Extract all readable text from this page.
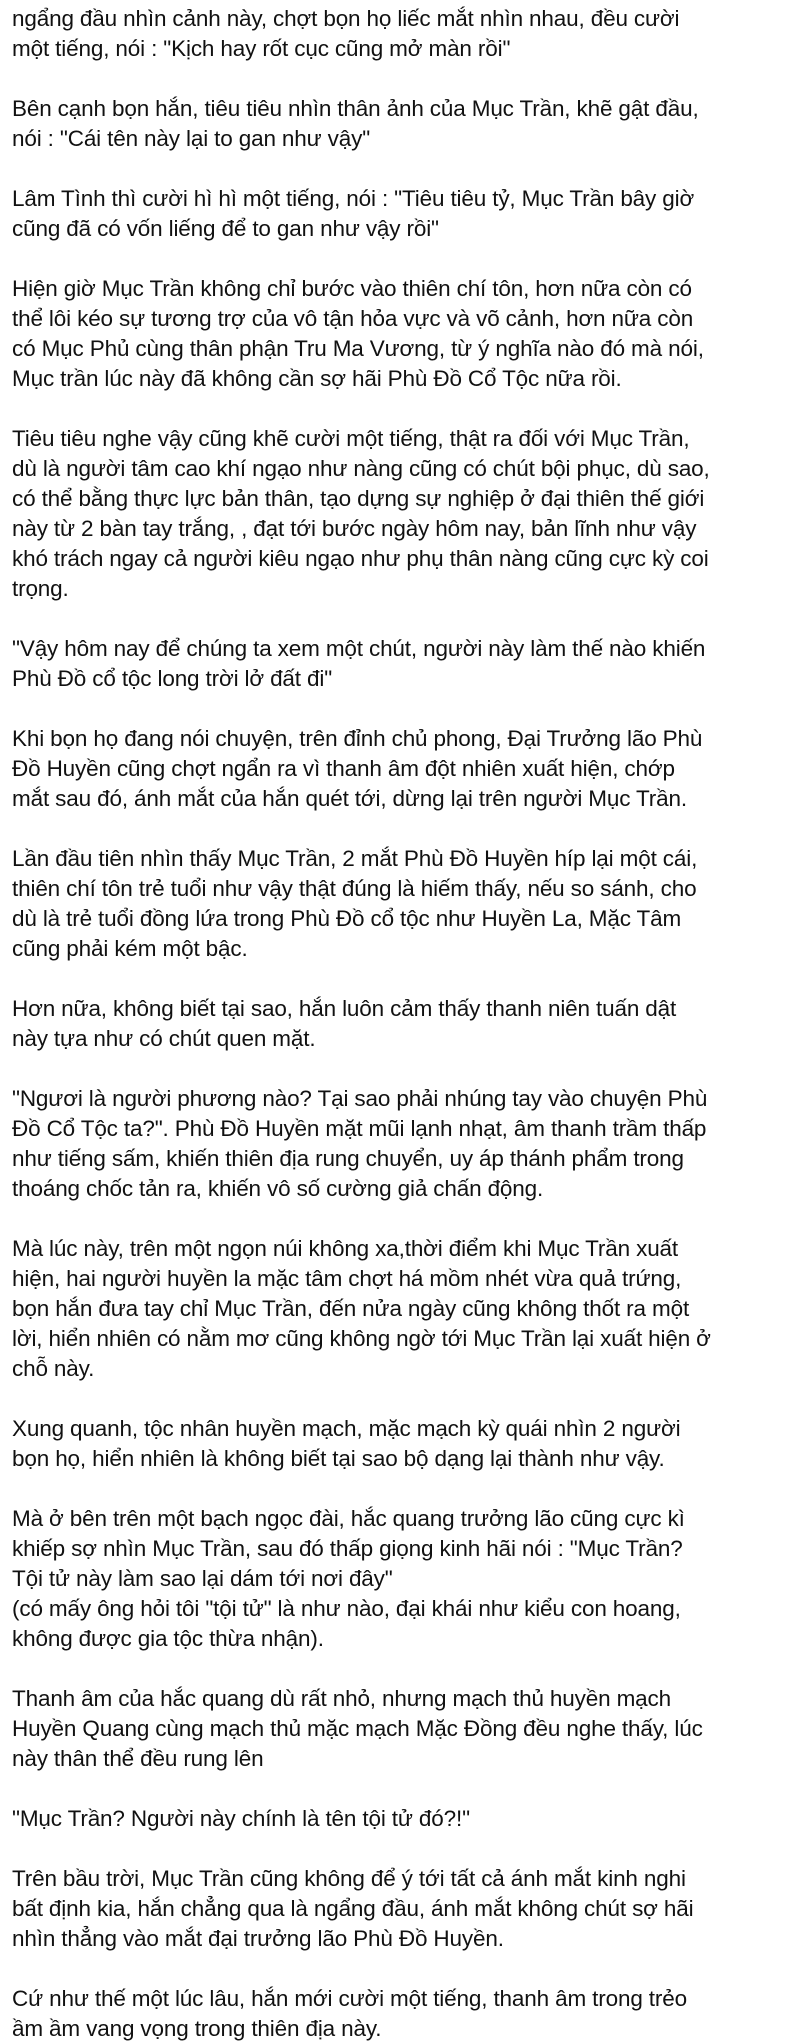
ngẩng đầu nhìn cảnh này, chợt bọn họ liếc mắt nhìn nhau, đều cười
một tiếng, nói : "Kịch hay rốt cục cũng mở màn rồi"

Bên cạnh bọn hắn, tiêu tiêu nhìn thân ảnh của Mục Trần, khẽ gật đầu,
nói : "Cái tên này lại to gan như vậy"

Lâm Tình thì cười hì hì một tiếng, nói : "Tiêu tiêu tỷ, Mục Trần bây giờ
cũng đã có vốn liếng để to gan như vậy rồi"

Hiện giờ Mục Trần không chỉ bước vào thiên chí tôn, hơn nữa còn có
thể lôi kéo sự tương trợ của vô tận hỏa vực và võ cảnh, hơn nữa còn
có Mục Phủ cùng thân phận Tru Ma Vương, từ ý nghĩa nào đó mà nói,
Mục trần lúc này đã không cần sợ hãi Phù Đồ Cổ Tộc nữa rồi.

Tiêu tiêu nghe vậy cũng khẽ cười một tiếng, thật ra đối với Mục Trần,
dù là người tâm cao khí ngạo như nàng cũng có chút bội phục, dù sao,
có thể bằng thực lực bản thân, tạo dựng sự nghiệp ở đại thiên thế giới
này từ 2 bàn tay trắng, , đạt tới bước ngày hôm nay, bản lĩnh như vậy
khó trách ngay cả người kiêu ngạo như phụ thân nàng cũng cực kỳ coi
trọng.

"Vậy hôm nay để chúng ta xem một chút, người này làm thế nào khiến
Phù Đồ cổ tộc long trời lở đất đi"

Khi bọn họ đang nói chuyện, trên đỉnh chủ phong, Đại Trưởng lão Phù
Đồ Huyền cũng chợt ngẩn ra vì thanh âm đột nhiên xuất hiện, chớp
mắt sau đó, ánh mắt của hắn quét tới, dừng lại trên người Mục Trần.

Lần đầu tiên nhìn thấy Mục Trần, 2 mắt Phù Đồ Huyền híp lại một cái,
thiên chí tôn trẻ tuổi như vậy thật đúng là hiếm thấy, nếu so sánh, cho
dù là trẻ tuổi đồng lứa trong Phù Đồ cổ tộc như Huyền La, Mặc Tâm
cũng phải kém một bậc.

Hơn nữa, không biết tại sao, hắn luôn cảm thấy thanh niên tuấn dật
này tựa như có chút quen mặt.

"Ngươi là người phương nào? Tại sao phải nhúng tay vào chuyện Phù
Đồ Cổ Tộc ta?". Phù Đồ Huyền mặt mũi lạnh nhạt, âm thanh trầm thấp
như tiếng sấm, khiến thiên địa rung chuyển, uy áp thánh phẩm trong
thoáng chốc tản ra, khiến vô số cường giả chấn động.

Mà lúc này, trên một ngọn núi không xa,thời điểm khi Mục Trần xuất
hiện, hai người huyền la mặc tâm chợt há mồm nhét vừa quả trứng,
bọn hắn đưa tay chỉ Mục Trần, đến nửa ngày cũng không thốt ra một
lời, hiển nhiên có nằm mơ cũng không ngờ tới Mục Trần lại xuất hiện ở
chỗ này.

Xung quanh, tộc nhân huyền mạch, mặc mạch kỳ quái nhìn 2 người
bọn họ, hiển nhiên là không biết tại sao bộ dạng lại thành như vậy.

Mà ở bên trên một bạch ngọc đài, hắc quang trưởng lão cũng cực kì
khiếp sợ nhìn Mục Trần, sau đó thấp giọng kinh hãi nói : "Mục Trần?
Tội tử này làm sao lại dám tới nơi đây"
(có mấy ông hỏi tôi "tội tử" là như nào, đại khái như kiểu con hoang,
không được gia tộc thừa nhận).

Thanh âm của hắc quang dù rất nhỏ, nhưng mạch thủ huyền mạch
Huyền Quang cùng mạch thủ mặc mạch Mặc Đồng đều nghe thấy, lúc
này thân thể đều rung lên

"Mục Trần? Người này chính là tên tội tử đó?!"

Trên bầu trời, Mục Trần cũng không để ý tới tất cả ánh mắt kinh nghi
bất định kia, hắn chẳng qua là ngẩng đầu, ánh mắt không chút sợ hãi
nhìn thẳng vào mắt đại trưởng lão Phù Đồ Huyền.

Cứ như thế một lúc lâu, hắn mới cười một tiếng, thanh âm trong trẻo
ầm ầm vang vọng trong thiên địa này.
